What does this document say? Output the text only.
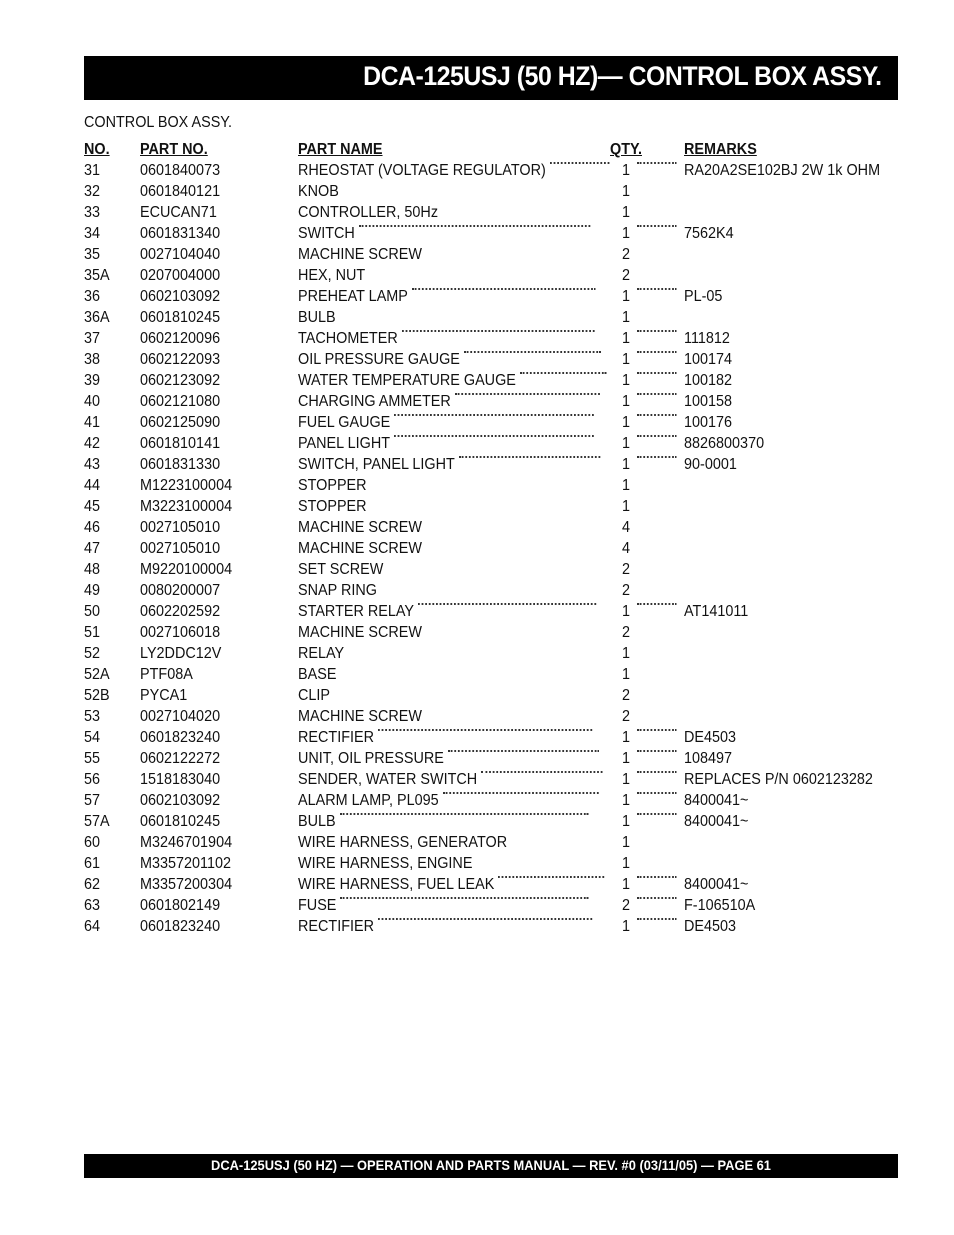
DCA-125USJ (50 HZ)— CONTROL BOX ASSY.
CONTROL BOX ASSY.
NO. PART NO.	PART NAME	QTY.	REMARKS
31 0601840073	RHEOSTAT (VOLTAGE REGULATOR)	1	RA20A2SE102BJ 2W 1k OHM
32 0601840121	KNOB	1
33 ECUCAN71	CONTROLLER, 50Hz	1
34 0601831340	SWITCH	1	7562K4
35 0027104040	MACHINE SCREW	2
35A 0207004000	HEX, NUT	2
36 0602103092	PREHEAT LAMP	1	PL-05
36A 0601810245	BULB	1
37 0602120096	TACHOMETER	1	111812
38 0602122093	OIL PRESSURE GAUGE	1	100174
39 0602123092	WATER TEMPERATURE GAUGE	1	100182
40 0602121080	CHARGING AMMETER	1	100158
41 0602125090	FUEL GAUGE	1	100176
42 0601810141	PANEL LIGHT	1	8826800370
43 0601831330	SWITCH, PANEL LIGHT	1	90-0001
44 M1223100004	STOPPER	1
45 M3223100004	STOPPER	1
46 0027105010	MACHINE SCREW	4
47 0027105010	MACHINE SCREW	4
48 M9220100004	SET SCREW	2
49 0080200007	SNAP RING	2
50 0602202592	STARTER RELAY	1	AT141011
51 0027106018	MACHINE SCREW	2
52 LY2DDC12V	RELAY	1
52A PTF08A	BASE	1
52B PYCA1	CLIP	2
53 0027104020	MACHINE SCREW	2
54 0601823240	RECTIFIER	1	DE4503
55 0602122272	UNIT, OIL PRESSURE	1	108497
56 1518183040	SENDER, WATER SWITCH	1	REPLACES P/N 0602123282
57 0602103092	ALARM LAMP, PL095	1	8400041~
57A 0601810245	BULB	1	8400041~
60 M3246701904	WIRE HARNESS, GENERATOR	1
61 M3357201102	WIRE HARNESS, ENGINE	1
62 M3357200304	WIRE HARNESS, FUEL LEAK	1	8400041~
63 0601802149	FUSE	2	F-106510A
64 0601823240	RECTIFIER	1	DE4503
DCA-125USJ (50 HZ) — OPERATION AND PARTS MANUAL — REV. #0 (03/11/05) — PAGE 61
